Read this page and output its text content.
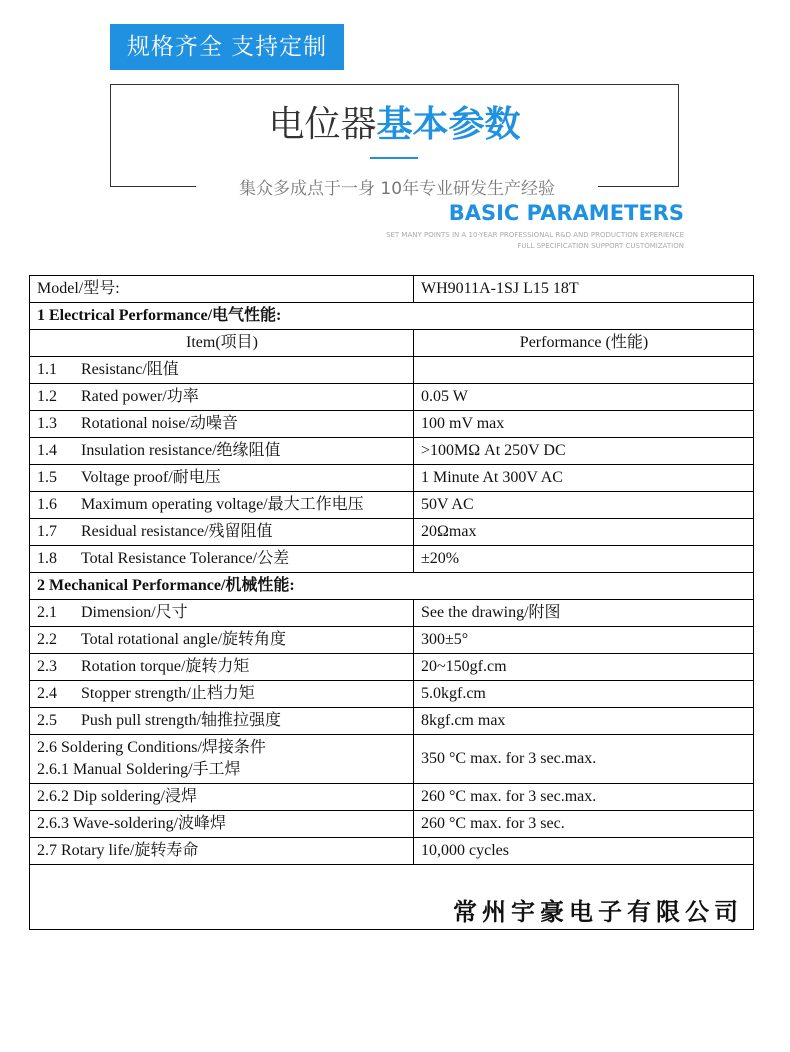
规格齐全 支持定制
电位器基本参数
集众多成点于一身 10年专业研发生产经验
BASIC PARAMETERS
SET MANY POINTS IN A 10-YEAR PROFESSIONAL R&D AND PRODUCTION EXPERIENCE
FULL SPECIFICATION SUPPORT CUSTOMIZATION
Model/型号:	WH9011A-1SJ L15 18T
1 Electrical Performance/电气性能:	
Item(项目)	Performance (性能)
1.1 Resistanc/阻值	
1.2 Rated power/功率	0.05 W
1.3 Rotational noise/动噪音	100 mV max
1.4 Insulation resistance/绝缘阻值	>100MΩ At 250V DC
1.5 Voltage proof/耐电压	1 Minute At 300V AC
1.6 Maximum operating voltage/最大工作电压	50V AC
1.7 Residual resistance/残留阻值	20Ωmax
1.8 Total Resistance Tolerance/公差	±20%
2 Mechanical Performance/机械性能:	
2.1 Dimension/尺寸	See the drawing/附图
2.2 Total rotational angle/旋转角度	300±5°
2.3 Rotation torque/旋转力矩	20~150gf.cm
2.4 Stopper strength/止档力矩	5.0kgf.cm
2.5 Push pull strength/轴推拉强度	8kgf.cm max

2.6 Soldering Conditions/焊接条件
2.6.1 Manual Soldering/手工焊	350 °C max. for 3 sec.max.
2.6.2 Dip soldering/浸焊	260 °C max. for 3 sec.max.
2.6.3 Wave-soldering/波峰焊	260 °C max. for 3 sec.
2.7 Rotary life/旋转寿命	10,000 cycles
常州宇豪电子有限公司	
